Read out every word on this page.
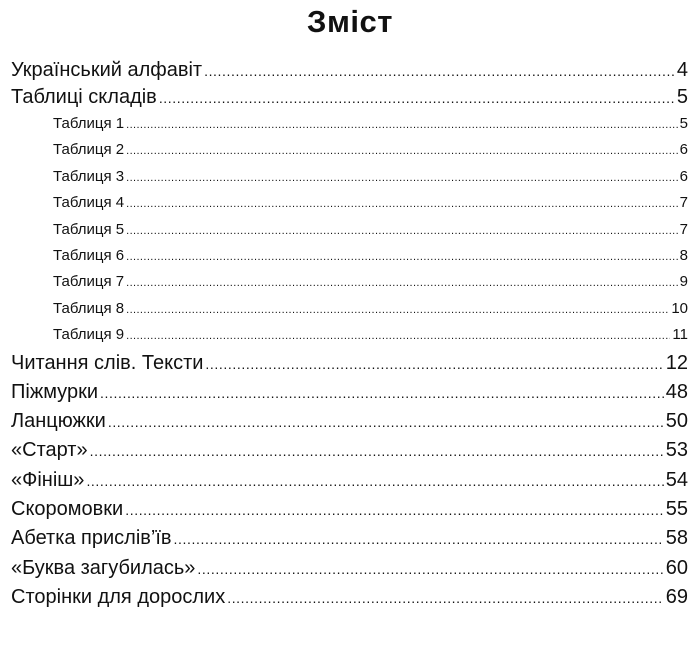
Зміст
Український алфавіт .....	4
Таблиці складів .....	5
Таблиця 1 .....	5
Таблиця 2 .....	6
Таблиця 3 .....	6
Таблиця 4 .....	7
Таблиця 5 .....	7
Таблиця 6 .....	8
Таблиця 7 .....	9
Таблиця 8 .....	10
Таблиця 9 .....	11
Читання слів. Тексти .....	12
Піжмурки .....	48
Ланцюжки .....	50
«Старт» .....	53
«Фініш» .....	54
Скоромовки .....	55
Абетка прислів’їв .....	58
«Буква загубилась» .....	60
Сторінки для дорослих .....	69
